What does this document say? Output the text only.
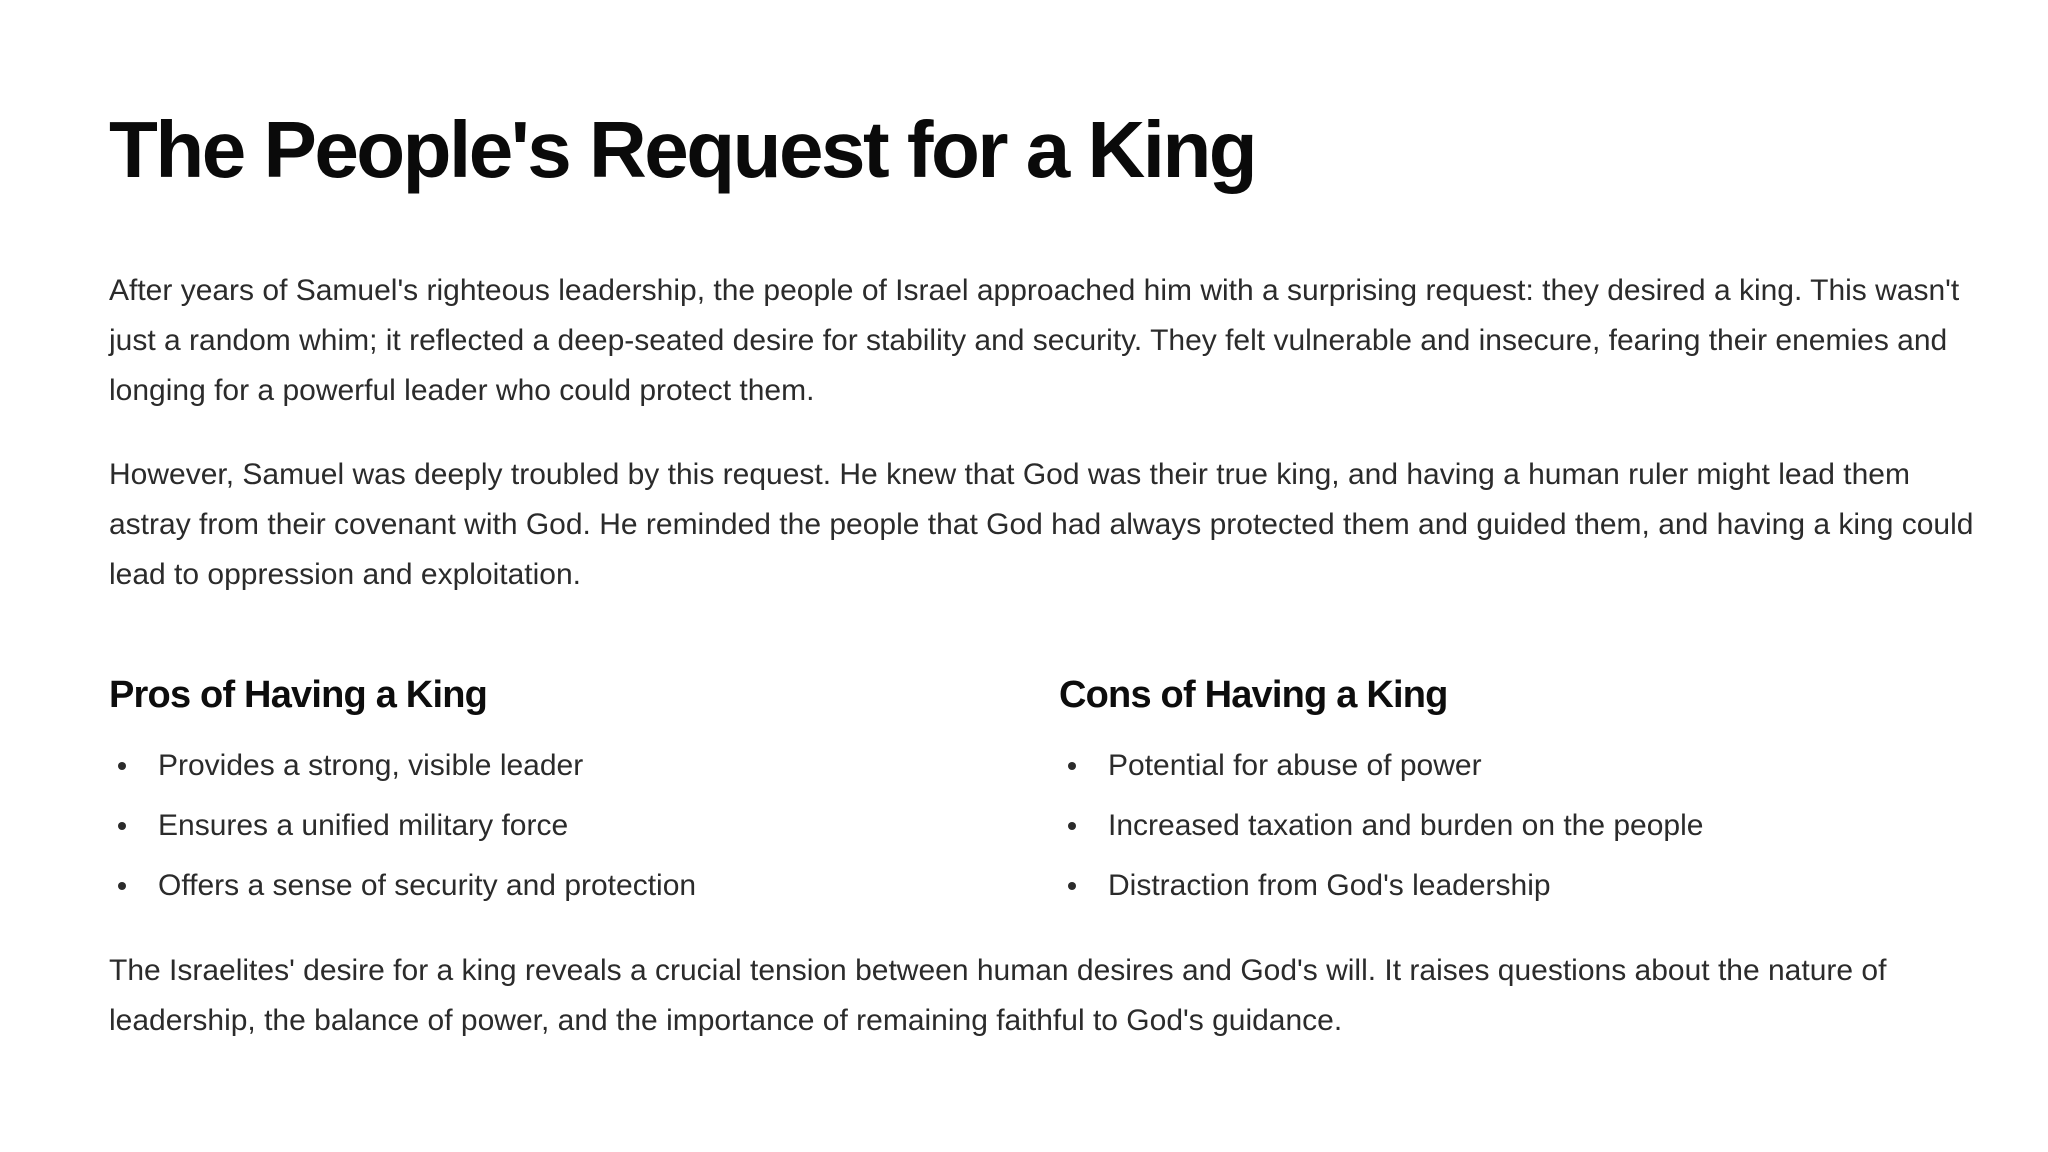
The People's Request for a King

After years of Samuel's righteous leadership, the people of Israel approached him with a surprising request: they desired a king. This wasn't just a random whim; it reflected a deep-seated desire for stability and security. They felt vulnerable and insecure, fearing their enemies and longing for a powerful leader who could protect them.

However, Samuel was deeply troubled by this request. He knew that God was their true king, and having a human ruler might lead them astray from their covenant with God. He reminded the people that God had always protected them and guided them, and having a king could lead to oppression and exploitation.

Pros of Having a King
Provides a strong, visible leader
Ensures a unified military force
Offers a sense of security and protection
Cons of Having a King
Potential for abuse of power
Increased taxation and burden on the people
Distraction from God's leadership

The Israelites' desire for a king reveals a crucial tension between human desires and God's will. It raises questions about the nature of leadership, the balance of power, and the importance of remaining faithful to God's guidance.
